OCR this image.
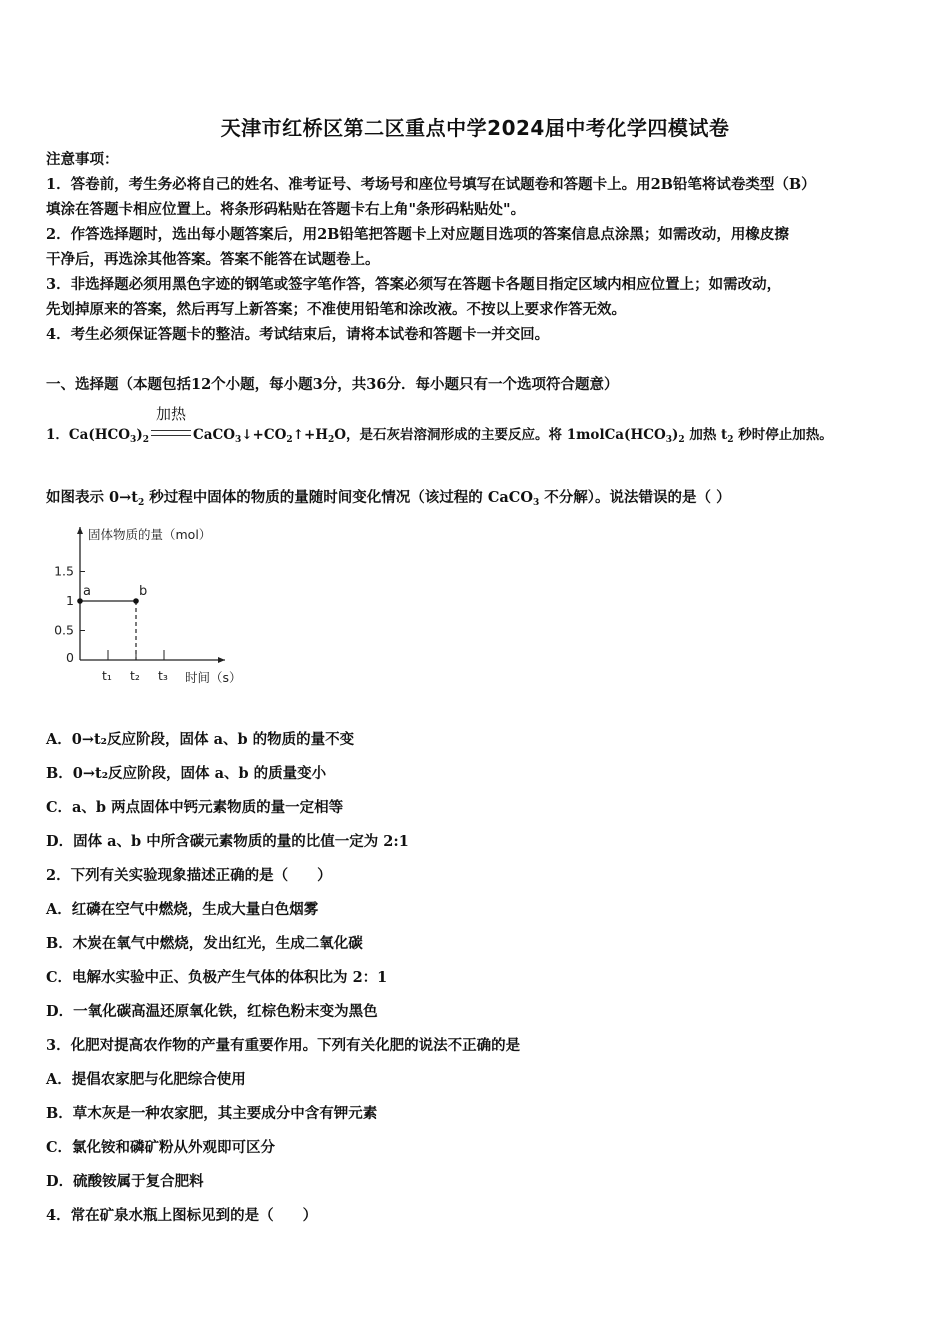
天津市红桥区第二区重点中学2024届中考化学四模试卷
注意事项：
1．答卷前，考生务必将自己的姓名、准考证号、考场号和座位号填写在试题卷和答题卡上。用2B铅笔将试卷类型（B）
填涂在答题卡相应位置上。将条形码粘贴在答题卡右上角"条形码粘贴处"。
2．作答选择题时，选出每小题答案后，用2B铅笔把答题卡上对应题目选项的答案信息点涂黑；如需改动，用橡皮擦
干净后，再选涂其他答案。答案不能答在试题卷上。
3．非选择题必须用黑色字迹的钢笔或签字笔作答，答案必须写在答题卡各题目指定区域内相应位置上；如需改动，
先划掉原来的答案，然后再写上新答案；不准使用铅笔和涂改液。不按以上要求作答无效。
4．考生必须保证答题卡的整洁。考试结束后，请将本试卷和答题卡一并交回。
一、选择题（本题包括12个小题，每小题3分，共36分．每小题只有一个选项符合题意）
1．$Ca(HCO_3)_2$
加热
$CaCO_3↓+CO_2↑+H_2O$，是石灰岩溶洞形成的主要反应。将 $1molCa(HCO_3)_2$ 加热 $t_2$ 秒时停止加热。
如图表示 $0\to t_2$ 秒过程中固体的物质的量随时间变化情况（该过程的 CaCO$_3$ 不分解）。说法错误的是（ ）
固体物质的量（mol）
时间（s）
1.5
1
0.5
0
t₁ t₂ t₃
a	b
A．0→t₂反应阶段，固体 a、b 的物质的量不变
B．0→t₂反应阶段，固体 a、b 的质量变小
C．a、b 两点固体中钙元素物质的量一定相等
D．固体 a、b 中所含碳元素物质的量的比值一定为 2:1
2．下列有关实验现象描述正确的是（　　）
A．红磷在空气中燃烧，生成大量白色烟雾
B．木炭在氧气中燃烧，发出红光，生成二氧化碳
C．电解水实验中正、负极产生气体的体积比为 2：1
D．一氧化碳高温还原氧化铁，红棕色粉末变为黑色
3．化肥对提高农作物的产量有重要作用。下列有关化肥的说法不正确的是
A．提倡农家肥与化肥综合使用
B．草木灰是一种农家肥，其主要成分中含有钾元素
C．氯化铵和磷矿粉从外观即可区分
D．硫酸铵属于复合肥料
4．常在矿泉水瓶上图标见到的是（　　）
